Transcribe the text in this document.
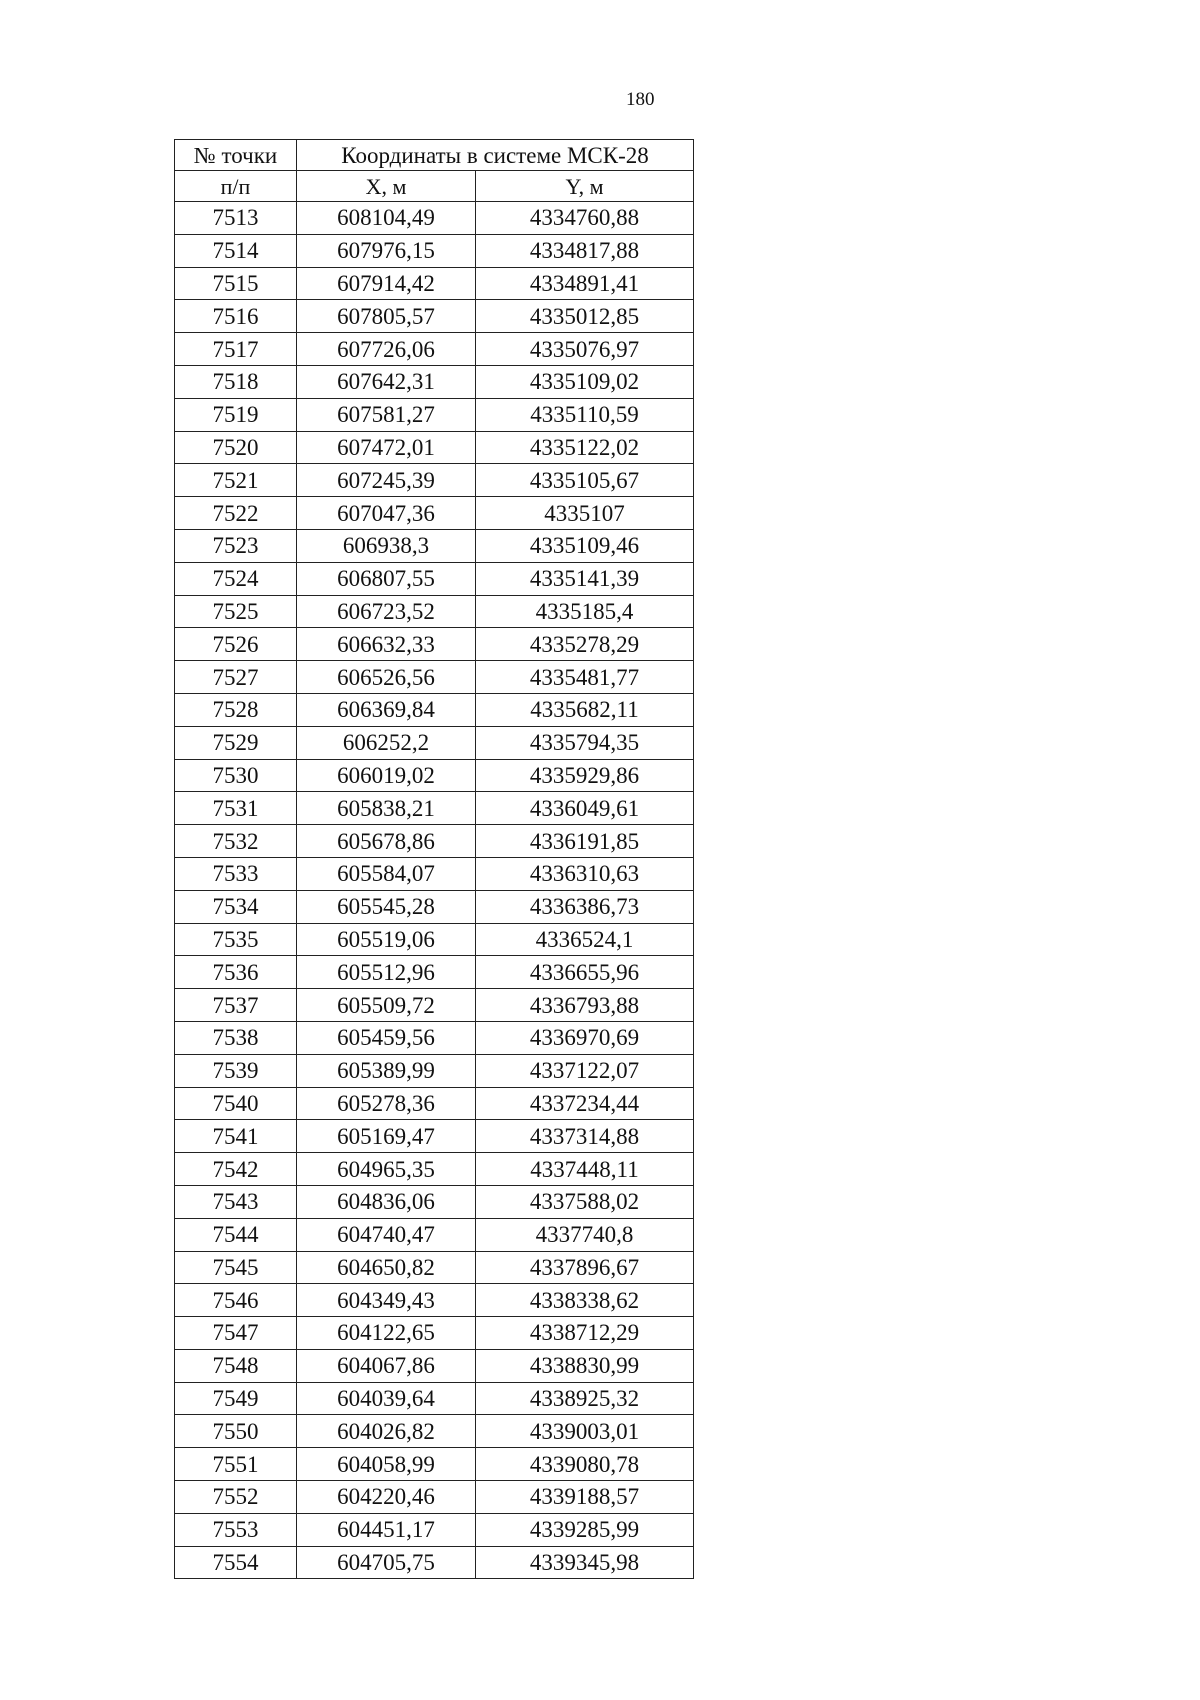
180
№ точки	Координаты в системе МСК-28	
п/п	X, м	Y, м
7513	608104,49	4334760,88
7514	607976,15	4334817,88
7515	607914,42	4334891,41
7516	607805,57	4335012,85
7517	607726,06	4335076,97
7518	607642,31	4335109,02
7519	607581,27	4335110,59
7520	607472,01	4335122,02
7521	607245,39	4335105,67
7522	607047,36	4335107
7523	606938,3	4335109,46
7524	606807,55	4335141,39
7525	606723,52	4335185,4
7526	606632,33	4335278,29
7527	606526,56	4335481,77
7528	606369,84	4335682,11
7529	606252,2	4335794,35
7530	606019,02	4335929,86
7531	605838,21	4336049,61
7532	605678,86	4336191,85
7533	605584,07	4336310,63
7534	605545,28	4336386,73
7535	605519,06	4336524,1
7536	605512,96	4336655,96
7537	605509,72	4336793,88
7538	605459,56	4336970,69
7539	605389,99	4337122,07
7540	605278,36	4337234,44
7541	605169,47	4337314,88
7542	604965,35	4337448,11
7543	604836,06	4337588,02
7544	604740,47	4337740,8
7545	604650,82	4337896,67
7546	604349,43	4338338,62
7547	604122,65	4338712,29
7548	604067,86	4338830,99
7549	604039,64	4338925,32
7550	604026,82	4339003,01
7551	604058,99	4339080,78
7552	604220,46	4339188,57
7553	604451,17	4339285,99
7554	604705,75	4339345,98
